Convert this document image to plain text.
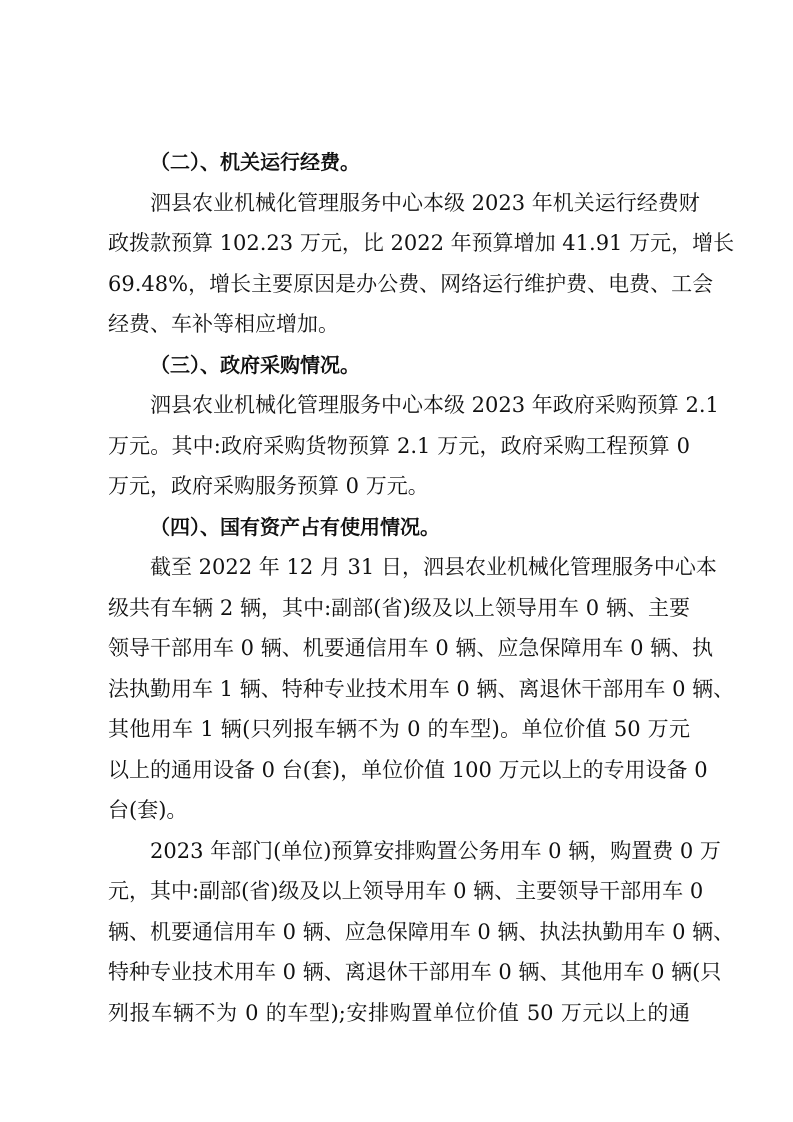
（二）、机关运行经费。
泗县农业机械化管理服务中心本级 2023 年机关运行经费财
政拨款预算 102.23 万元，比 2022 年预算增加 41.91 万元，增长
69.48%，增长主要原因是办公费、网络运行维护费、电费、工会
经费、车补等相应增加。
（三）、政府采购情况。
泗县农业机械化管理服务中心本级 2023 年政府采购预算 2.1
万元。其中:政府采购货物预算 2.1 万元，政府采购工程预算 0
万元，政府采购服务预算 0 万元。
（四）、国有资产占有使用情况。
截至 2022 年 12 月 31 日，泗县农业机械化管理服务中心本
级共有车辆 2 辆，其中:副部(省)级及以上领导用车 0 辆、主要
领导干部用车 0 辆、机要通信用车 0 辆、应急保障用车 0 辆、执
法执勤用车 1 辆、特种专业技术用车 0 辆、离退休干部用车 0 辆、
其他用车 1 辆(只列报车辆不为 0 的车型)。单位价值 50 万元
以上的通用设备 0 台(套)，单位价值 100 万元以上的专用设备 0
台(套)。
2023 年部门(单位)预算安排购置公务用车 0 辆，购置费 0 万
元，其中:副部(省)级及以上领导用车 0 辆、主要领导干部用车 0
辆、机要通信用车 0 辆、应急保障用车 0 辆、执法执勤用车 0 辆、
特种专业技术用车 0 辆、离退休干部用车 0 辆、其他用车 0 辆(只
列报车辆不为 0 的车型);安排购置单位价值 50 万元以上的通
